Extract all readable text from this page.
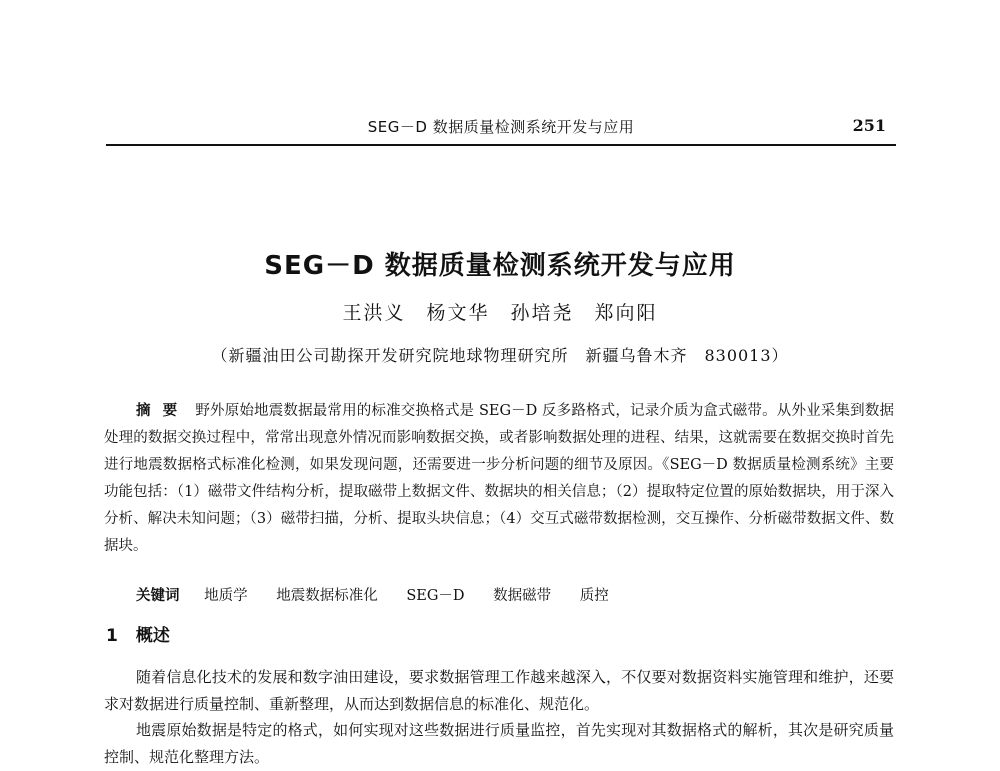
SEG－D 数据质量检测系统开发与应用	251
SEG－D 数据质量检测系统开发与应用
王洪义　杨文华　孙培尧　郑向阳
（新疆油田公司勘探开发研究院地球物理研究所　新疆乌鲁木齐　830013）

摘要 野外原始地震数据最常用的标准交换格式是 SEG－D 反多路格式，记录介质为盒式磁带。从外业采集到数据处理的数据交换过程中，常常出现意外情况而影响数据交换，或者影响数据处理的进程、结果，这就需要在数据交换时首先进行地震数据格式标准化检测，如果发现问题，还需要进一步分析问题的细节及原因。《SEG－D 数据质量检测系统》主要功能包括：（1）磁带文件结构分析，提取磁带上数据文件、数据块的相关信息；（2）提取特定位置的原始数据块，用于深入分析、解决未知问题；（3）磁带扫描，分析、提取头块信息；（4）交互式磁带数据检测，交互操作、分析磁带数据文件、数据块。

关键词 地质学 地震数据标准化 SEG－D 数据磁带 质控
1 概述

随着信息化技术的发展和数字油田建设，要求数据管理工作越来越深入，不仅要对数据资料实施管理和维护，还要求对数据进行质量控制、重新整理，从而达到数据信息的标准化、规范化。

地震原始数据是特定的格式，如何实现对这些数据进行质量监控，首先实现对其数据格式的解析，其次是研究质量控制、规范化整理方法。
